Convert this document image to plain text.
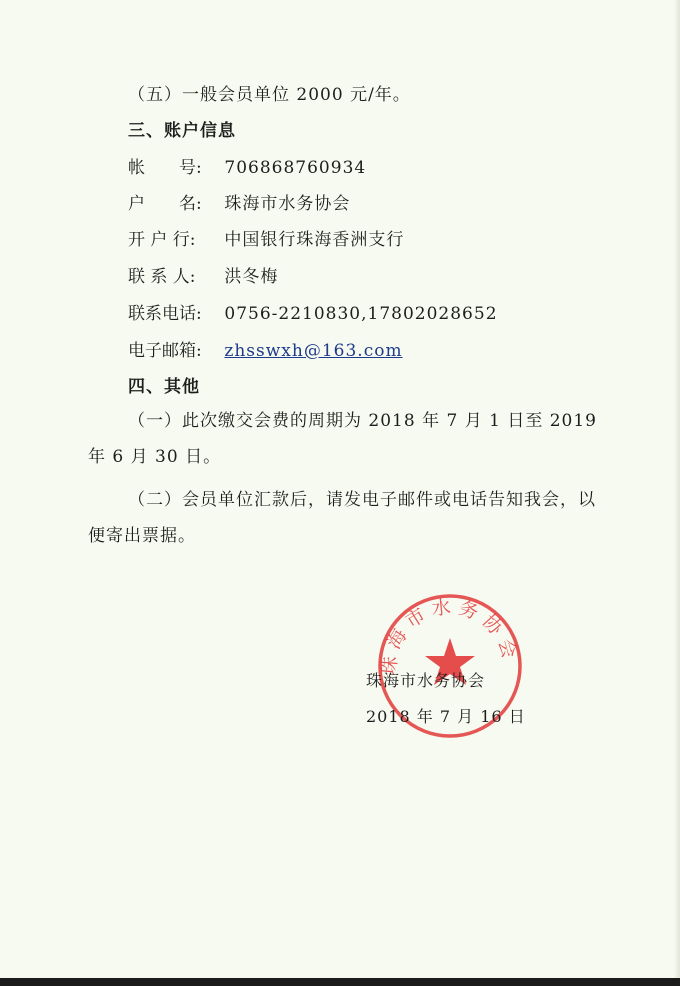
（五）一般会员单位 2000 元/年。
三、账户信息
帐　　号: 706868760934
户　　名: 珠海市水务协会
开 户 行: 中国银行珠海香洲支行
联 系 人: 洪冬梅
联系电话: 0756-2210830,17802028652
电子邮箱: zhsswxh@163.com
四、其他
（一）此次缴交会费的周期为 2018 年 7 月 1 日至 2019 年 6 月 30 日。
（二）会员单位汇款后，请发电子邮件或电话告知我会，以便寄出票据。
珠海市水务协会
珠海市水务协会
2018 年 7 月 16 日
